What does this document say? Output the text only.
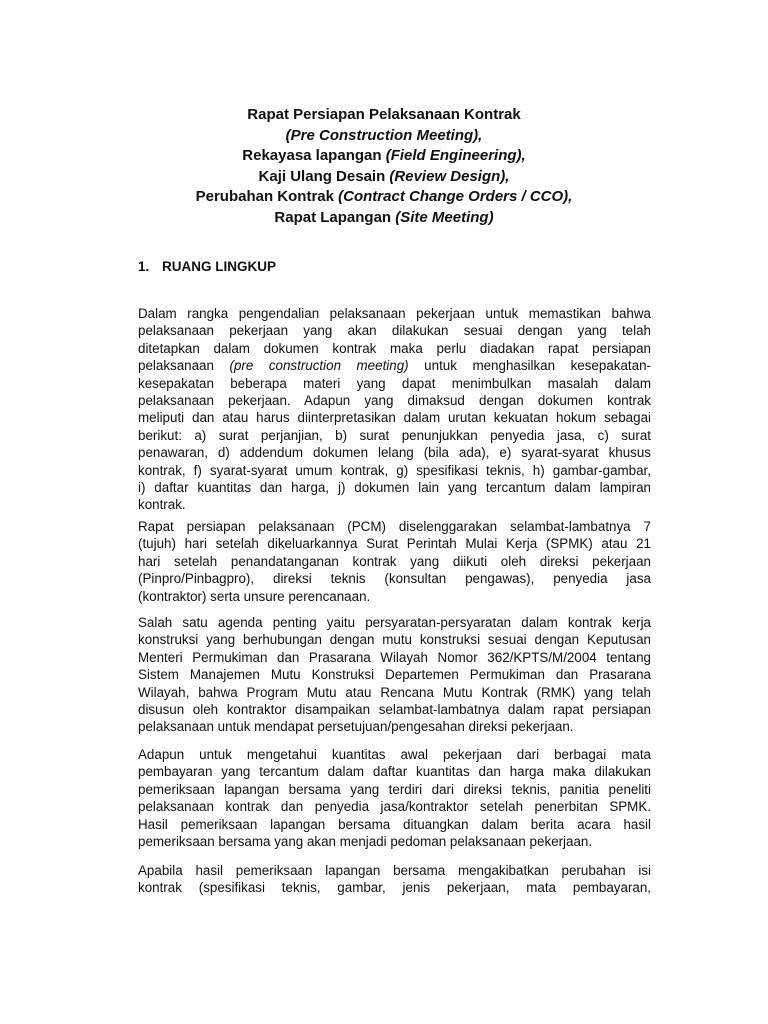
Rapat Persiapan Pelaksanaan Kontrak
(Pre Construction Meeting),
Rekayasa lapangan (Field Engineering),
Kaji Ulang Desain (Review Design),
Perubahan Kontrak (Contract Change Orders / CCO),
Rapat Lapangan (Site Meeting)
1. RUANG LINGKUP
Dalam rangka pengendalian pelaksanaan pekerjaan untuk memastikan bahwa
pelaksanaan pekerjaan yang akan dilakukan sesuai dengan yang telah
ditetapkan dalam dokumen kontrak maka perlu diadakan rapat persiapan
pelaksanaan (pre construction meeting) untuk menghasilkan kesepakatan-
kesepakatan beberapa materi yang dapat menimbulkan masalah dalam
pelaksanaan pekerjaan. Adapun yang dimaksud dengan dokumen kontrak
meliputi dan atau harus diinterpretasikan dalam urutan kekuatan hokum sebagai
berikut: a) surat perjanjian, b) surat penunjukkan penyedia jasa, c) surat
penawaran, d) addendum dokumen lelang (bila ada), e) syarat-syarat khusus
kontrak, f) syarat-syarat umum kontrak, g) spesifikasi teknis, h) gambar-gambar,
i) daftar kuantitas dan harga, j) dokumen lain yang tercantum dalam lampiran
kontrak.
Rapat persiapan pelaksanaan (PCM) diselenggarakan selambat-lambatnya 7
(tujuh) hari setelah dikeluarkannya Surat Perintah Mulai Kerja (SPMK) atau 21
hari setelah penandatanganan kontrak yang diikuti oleh direksi pekerjaan
(Pinpro/Pinbagpro), direksi teknis (konsultan pengawas), penyedia jasa
(kontraktor) serta unsure perencanaan.
Salah satu agenda penting yaitu persyaratan-persyaratan dalam kontrak kerja
konstruksi yang berhubungan dengan mutu konstruksi sesuai dengan Keputusan
Menteri Permukiman dan Prasarana Wilayah Nomor 362/KPTS/M/2004 tentang
Sistem Manajemen Mutu Konstruksi Departemen Permukiman dan Prasarana
Wilayah, bahwa Program Mutu atau Rencana Mutu Kontrak (RMK) yang telah
disusun oleh kontraktor disampaikan selambat-lambatnya dalam rapat persiapan
pelaksanaan untuk mendapat persetujuan/pengesahan direksi pekerjaan.
Adapun untuk mengetahui kuantitas awal pekerjaan dari berbagai mata
pembayaran yang tercantum dalam daftar kuantitas dan harga maka dilakukan
pemeriksaan lapangan bersama yang terdiri dari direksi teknis, panitia peneliti
pelaksanaan kontrak dan penyedia jasa/kontraktor setelah penerbitan SPMK.
Hasil pemeriksaan lapangan bersama dituangkan dalam berita acara hasil
pemeriksaan bersama yang akan menjadi pedoman pelaksanaan pekerjaan.
Apabila hasil pemeriksaan lapangan bersama mengakibatkan perubahan isi
kontrak (spesifikasi teknis, gambar, jenis pekerjaan, mata pembayaran,
